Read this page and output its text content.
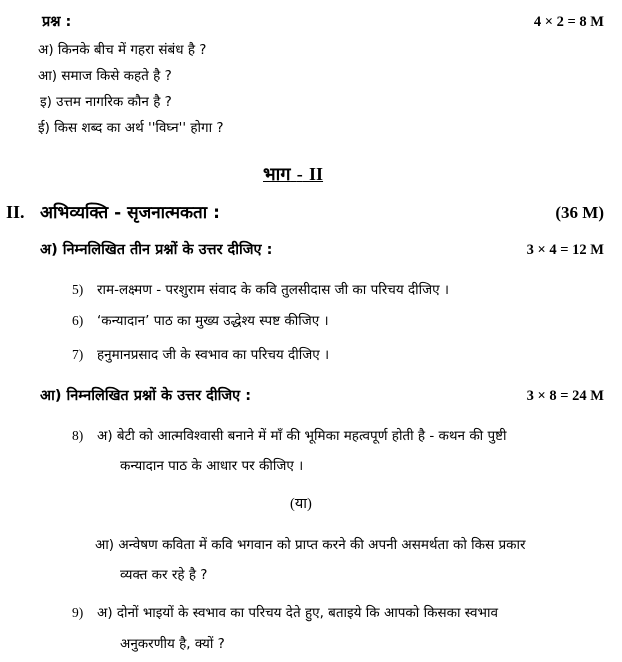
प्रश्न :	4 × 2 = 8 M
अ) किनके बीच में गहरा संबंध है ?
आ) समाज किसे कहते है ?
इ) उत्तम नागरिक कौन है ?
ई) किस शब्द का अर्थ ''विघ्न'' होगा ?
भाग - II
II. अभिव्यक्ति - सृजनात्मकता :	(36 M)
अ) निम्नलिखित तीन प्रश्नों के उत्तर दीजिए :	3 × 4 = 12 M
5) राम-लक्ष्मण - परशुराम संवाद के कवि तुलसीदास जी का परिचय दीजिए ।
6) ‘कन्यादान’ पाठ का मुख्य उद्धेश्य स्पष्ट कीजिए ।
7) हनुमानप्रसाद जी के स्वभाव का परिचय दीजिए ।
आ) निम्नलिखित प्रश्नों के उत्तर दीजिए :	3 × 8 = 24 M
8) अ) बेटी को आत्मविश्वासी बनाने में माँ की भूमिका महत्वपूर्ण होती है - कथन की पुष्टी
कन्यादान पाठ के आधार पर कीजिए ।
(या)
आ) अन्वेषण कविता में कवि भगवान को प्राप्त करने की अपनी असमर्थता को किस प्रकार
व्यक्त कर रहे है ?
9) अ) दोनों भाइयों के स्वभाव का परिचय देते हुए, बताइये कि आपको किसका स्वभाव
अनुकरणीय है, क्यों ?
